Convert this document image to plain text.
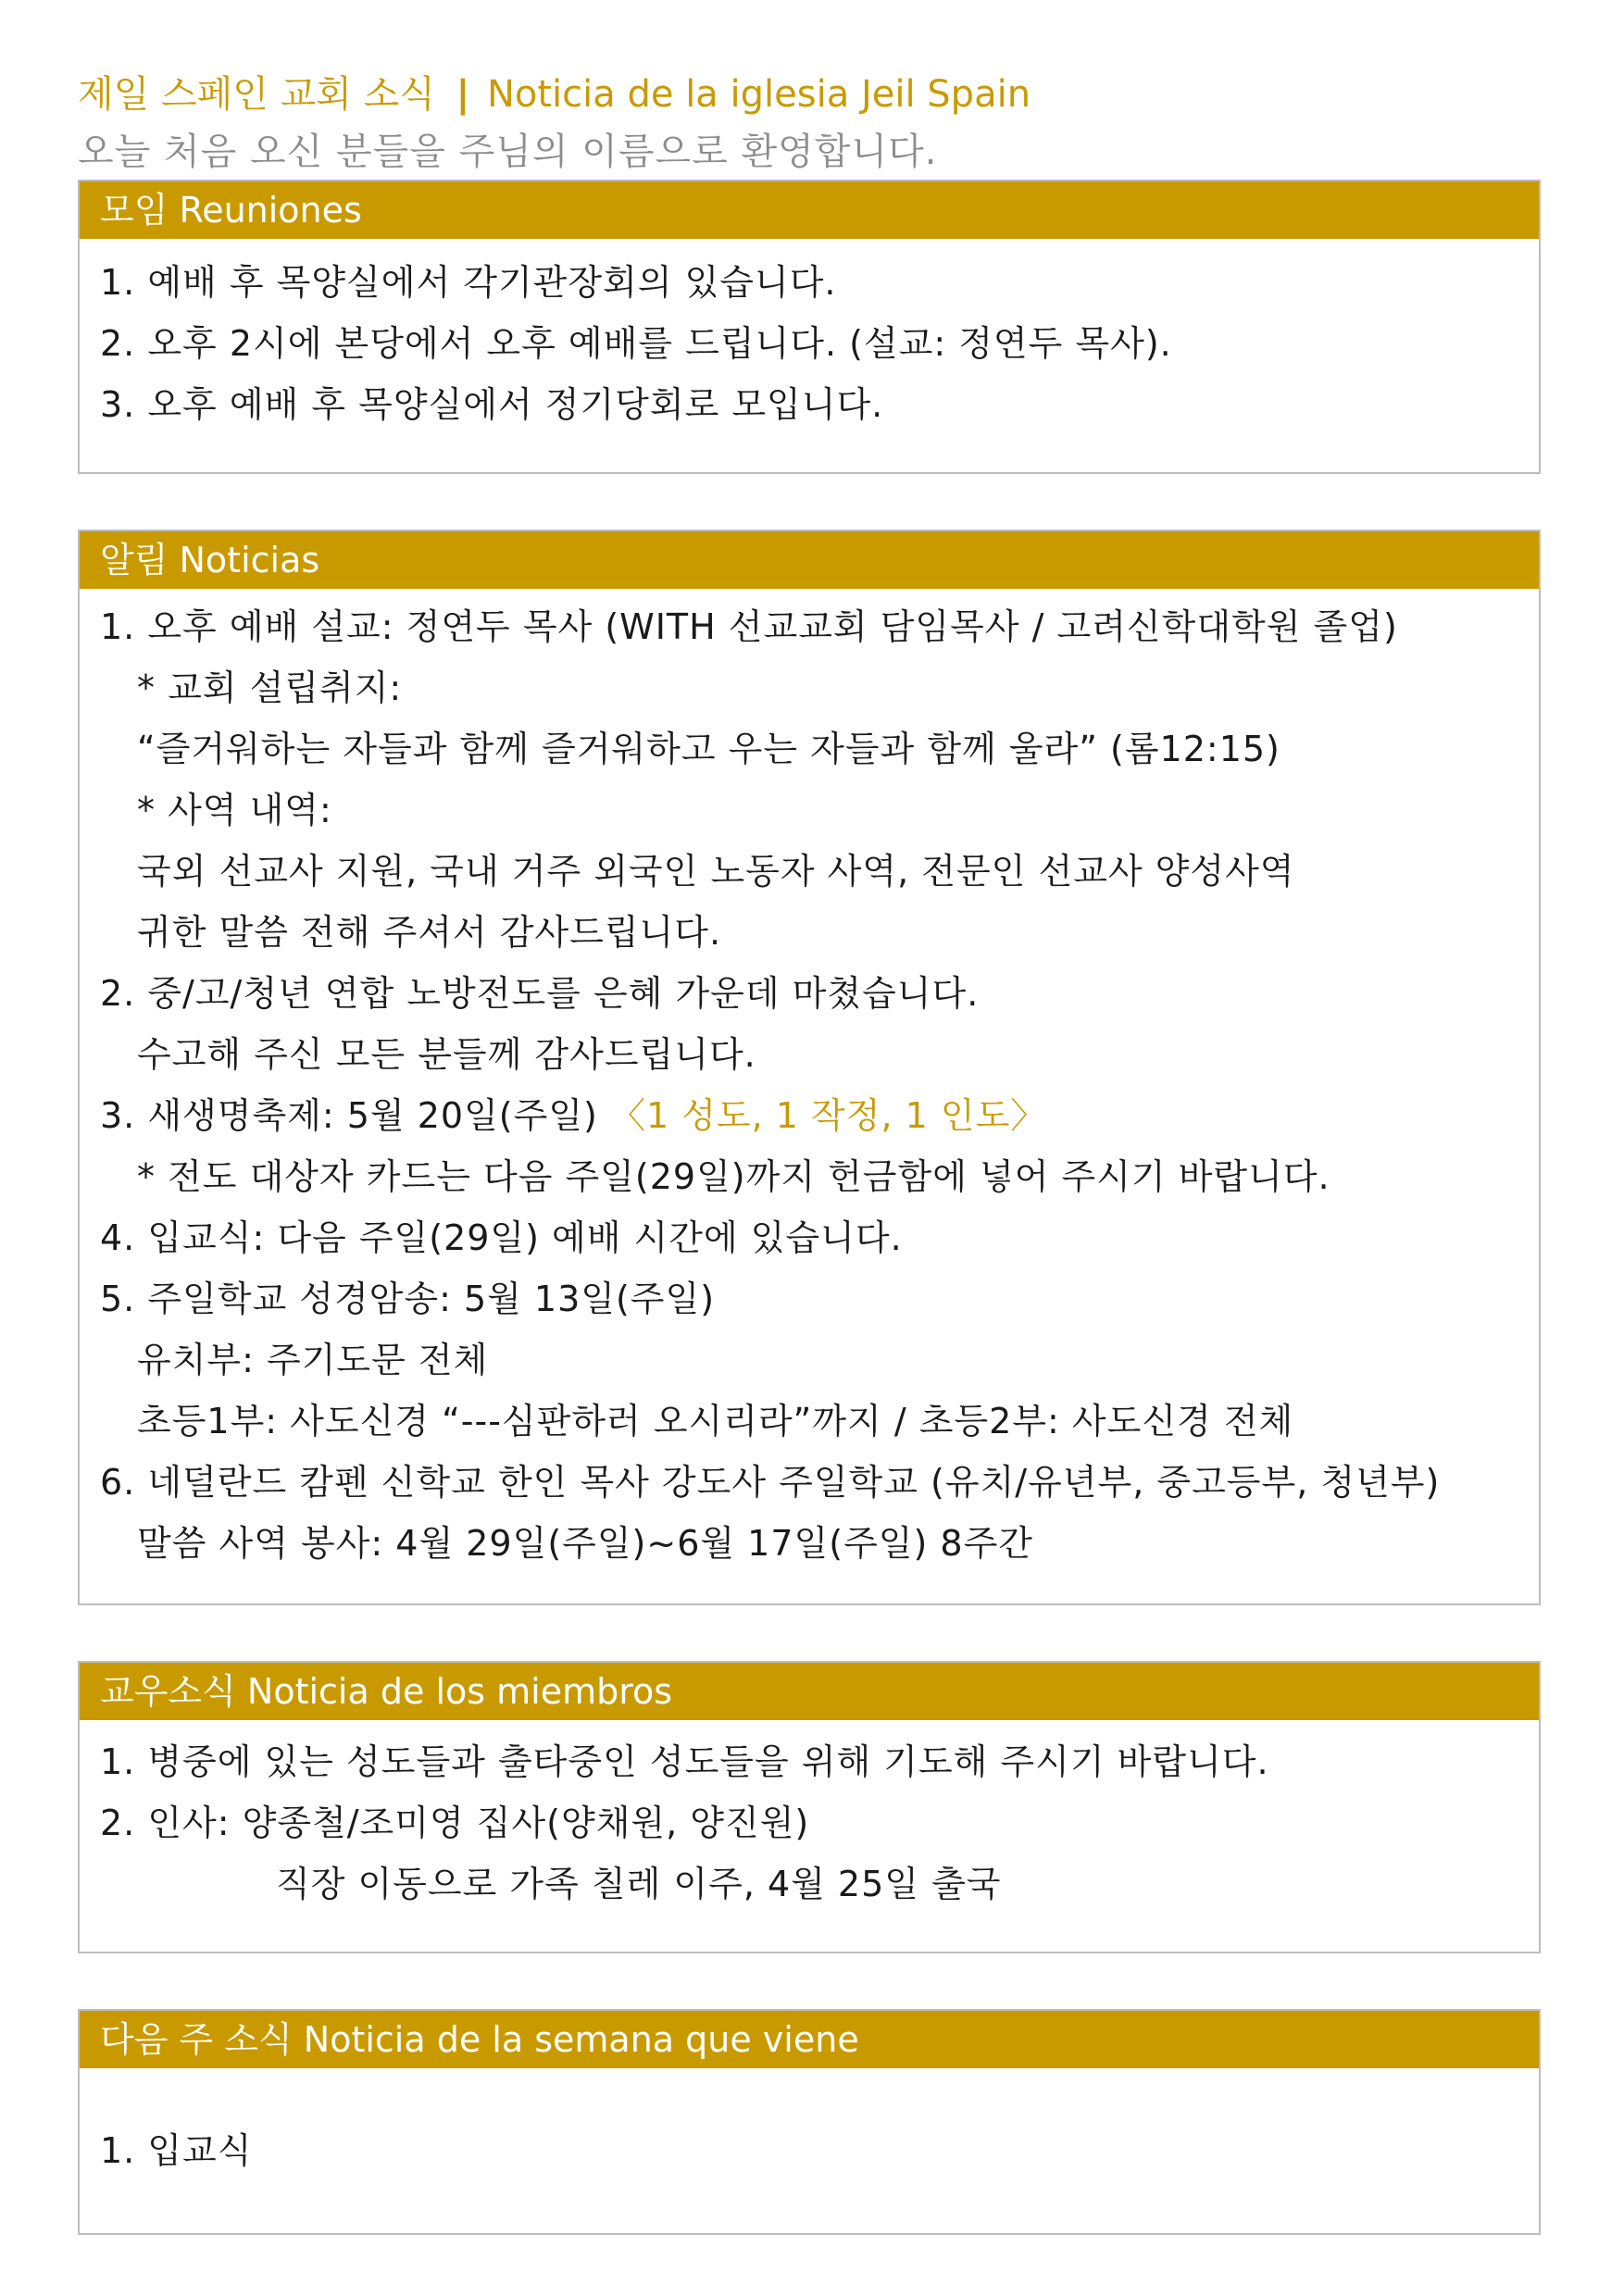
제일 스페인 교회 소식 | Noticia de la iglesia Jeil Spain
오늘 처음 오신 분들을 주님의 이름으로 환영합니다.
모임 Reuniones
1. 예배 후 목양실에서 각기관장회의 있습니다.
2. 오후 2시에 본당에서 오후 예배를 드립니다. (설교: 정연두 목사).
3. 오후 예배 후 목양실에서 정기당회로 모입니다.
알림 Noticias
1. 오후 예배 설교: 정연두 목사 (WITH 선교교회 담임목사 / 고려신학대학원 졸업)
* 교회 설립취지:
“즐거워하는 자들과 함께 즐거워하고 우는 자들과 함께 울라” (롬12:15)
* 사역 내역:
국외 선교사 지원, 국내 거주 외국인 노동자 사역, 전문인 선교사 양성사역
귀한 말씀 전해 주셔서 감사드립니다.
2. 중/고/청년 연합 노방전도를 은혜 가운데 마쳤습니다.
수고해 주신 모든 분들께 감사드립니다.
3. 새생명축제: 5월 20일(주일) 〈1 성도, 1 작정, 1 인도〉
* 전도 대상자 카드는 다음 주일(29일)까지 헌금함에 넣어 주시기 바랍니다.
4. 입교식: 다음 주일(29일) 예배 시간에 있습니다.
5. 주일학교 성경암송: 5월 13일(주일)
유치부: 주기도문 전체
초등1부: 사도신경 “---심판하러 오시리라”까지 / 초등2부: 사도신경 전체
6. 네덜란드 캄펜 신학교 한인 목사 강도사 주일학교 (유치/유년부, 중고등부, 청년부)
말씀 사역 봉사: 4월 29일(주일)~6월 17일(주일) 8주간
교우소식 Noticia de los miembros
1. 병중에 있는 성도들과 출타중인 성도들을 위해 기도해 주시기 바랍니다.
2. 인사: 양종철/조미영 집사(양채원, 양진원)
직장 이동으로 가족 칠레 이주, 4월 25일 출국
다음 주 소식 Noticia de la semana que viene
1. 입교식
